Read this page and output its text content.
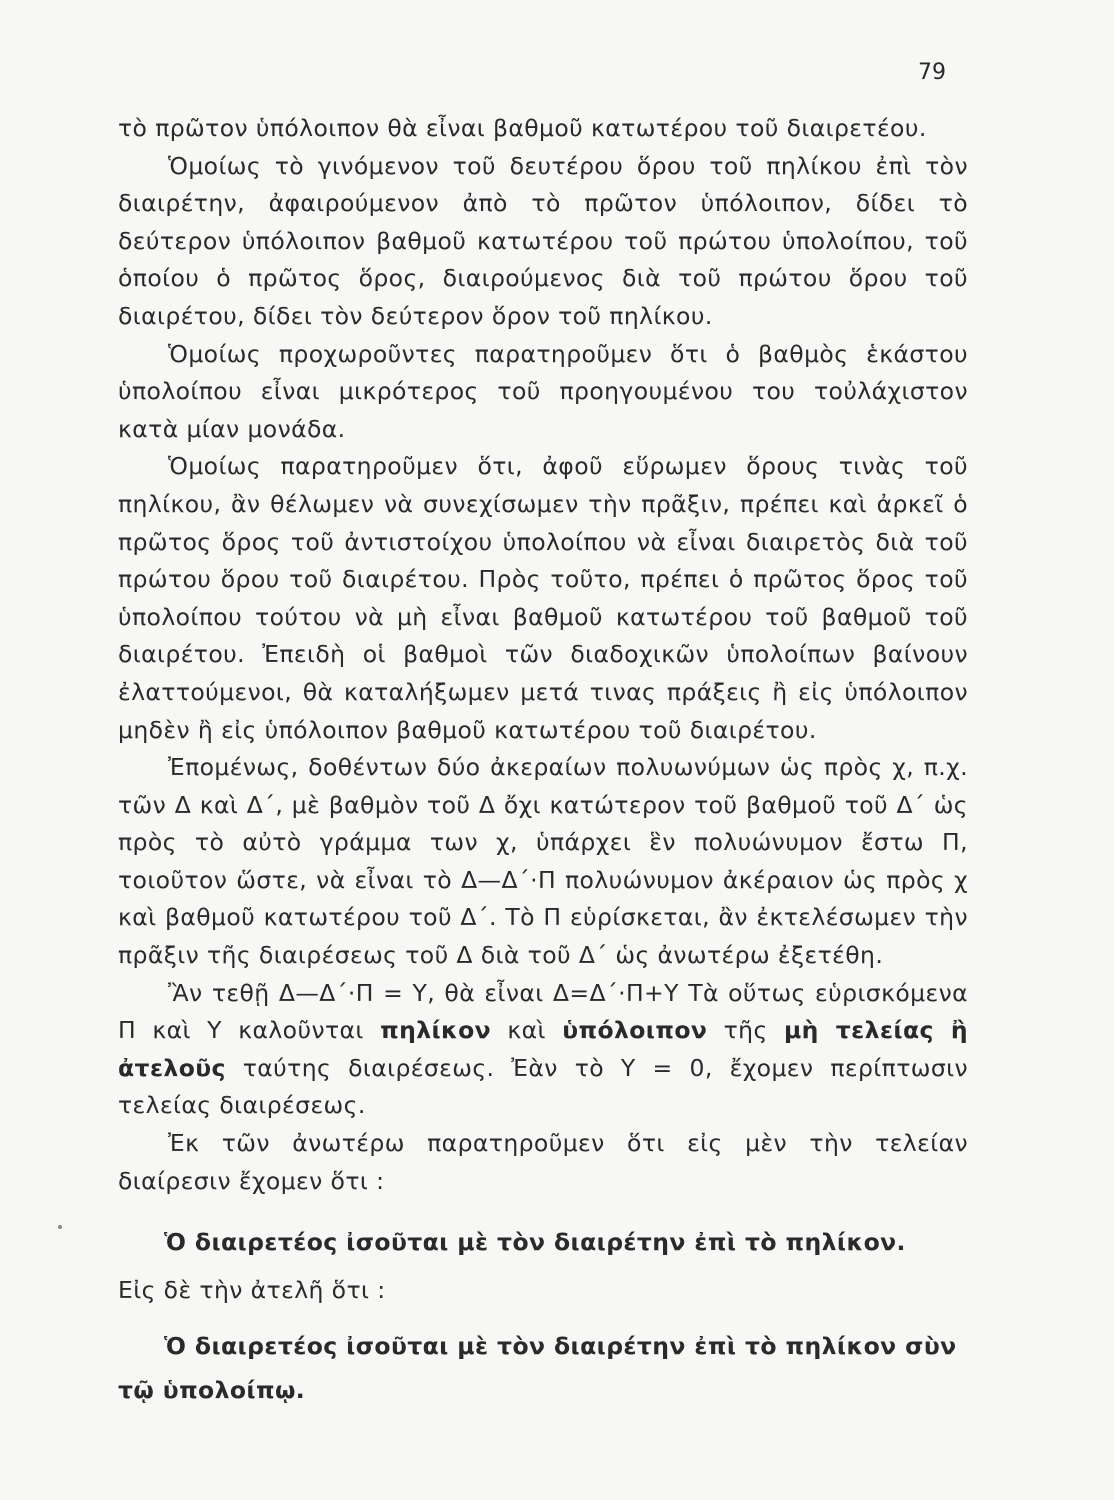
79

τὸ πρῶτον ὑπόλοιπον θὰ εἶναι βαθμοῦ κατωτέρου τοῦ διαιρετέου.

Ὁμοίως τὸ γινόμενον τοῦ δευτέρου ὅρου τοῦ πηλίκου ἐπὶ τὸν διαιρέτην, ἀφαιρούμενον ἀπὸ τὸ πρῶτον ὑπόλοιπον, δίδει τὸ δεύτερον ὑπόλοιπον βαθμοῦ κατωτέρου τοῦ πρώτου ὑπολοίπου, τοῦ ὁποίου ὁ πρῶτος ὅρος, διαιρούμενος διὰ τοῦ πρώτου ὅρου τοῦ διαιρέτου, δίδει τὸν δεύτερον ὅρον τοῦ πηλίκου.

Ὁμοίως προχωροῦντες παρατηροῦμεν ὅτι ὁ βαθμὸς ἑκάστου ὑπολοίπου εἶναι μικρότερος τοῦ προηγουμένου του τοὐλάχιστον κατὰ μίαν μονάδα.

Ὁμοίως παρατηροῦμεν ὅτι, ἀφοῦ εὕρωμεν ὅρους τινὰς τοῦ πηλίκου, ἂν θέλωμεν νὰ συνεχίσωμεν τὴν πρᾶξιν, πρέπει καὶ ἀρκεῖ ὁ πρῶτος ὅρος τοῦ ἀντιστοίχου ὑπολοίπου νὰ εἶναι διαιρετὸς διὰ τοῦ πρώτου ὅρου τοῦ διαιρέτου. Πρὸς τοῦτο, πρέπει ὁ πρῶτος ὅρος τοῦ ὑπολοίπου τούτου νὰ μὴ εἶναι βαθμοῦ κατωτέρου τοῦ βαθμοῦ τοῦ διαιρέτου. Ἐπειδὴ οἱ βαθμοὶ τῶν διαδοχικῶν ὑπολοίπων βαίνουν ἐλαττούμενοι, θὰ καταλήξωμεν μετά τινας πράξεις ἢ εἰς ὑπόλοιπον μηδὲν ἢ εἰς ὑπόλοιπον βαθμοῦ κατωτέρου τοῦ διαιρέτου.

Ἐπομένως, δοθέντων δύο ἀκεραίων πολυωνύμων ὡς πρὸς χ, π.χ. τῶν Δ καὶ Δ΄, μὲ βαθμὸν τοῦ Δ ὄχι κατώτερον τοῦ βαθμοῦ τοῦ Δ΄ ὡς πρὸς τὸ αὐτὸ γράμμα των χ, ὑπάρχει ἓν πολυώνυμον ἔστω Π, τοιοῦτον ὥστε, νὰ εἶναι τὸ Δ—Δ΄·Π πολυώνυμον ἀκέραιον ὡς πρὸς χ καὶ βαθμοῦ κατωτέρου τοῦ Δ΄. Τὸ Π εὑρίσκεται, ἂν ἐκτελέσωμεν τὴν πρᾶξιν τῆς διαιρέσεως τοῦ Δ διὰ τοῦ Δ΄ ὡς ἀνωτέρω ἐξετέθη.

Ἂν τεθῇ Δ—Δ΄·Π = Υ, θὰ εἶναι Δ=Δ΄·Π+Υ Τὰ οὕτως εὑρισκόμενα Π καὶ Υ καλοῦνται πηλίκον καὶ ὑπόλοιπον τῆς μὴ τελείας ἢ ἀτελοῦς ταύτης διαιρέσεως. Ἐὰν τὸ Υ = 0, ἔχομεν περίπτωσιν τελείας διαιρέσεως.

Ἐκ τῶν ἀνωτέρω παρατηροῦμεν ὅτι εἰς μὲν τὴν τελείαν διαίρεσιν ἔχομεν ὅτι :

Ὁ διαιρετέος ἰσοῦται μὲ τὸν διαιρέτην ἐπὶ τὸ πηλίκον.

Εἰς δὲ τὴν ἀτελῆ ὅτι :

Ὁ διαιρετέος ἰσοῦται μὲ τὸν διαιρέτην ἐπὶ τὸ πηλίκον σὺν τῷ ὑπολοίπῳ.
